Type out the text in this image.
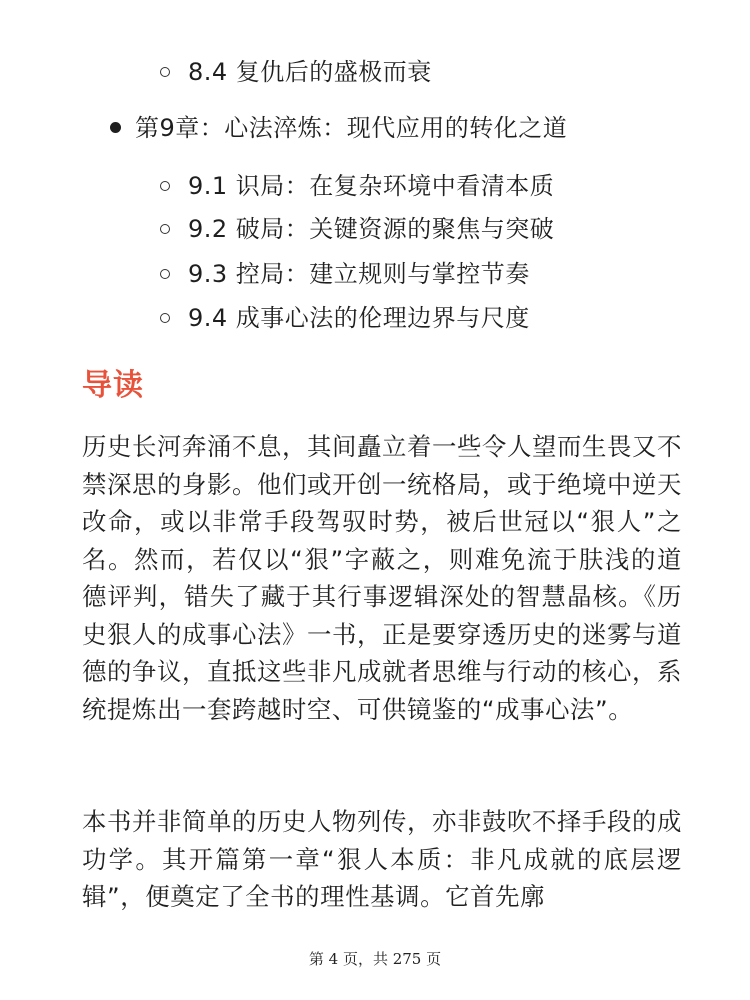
8.4 复仇后的盛极而衰
第9章：心法淬炼：现代应用的转化之道
9.1 识局：在复杂环境中看清本质
9.2 破局：关键资源的聚焦与突破
9.3 控局：建立规则与掌控节奏
9.4 成事心法的伦理边界与尺度
导读

历史长河奔涌不息，其间矗立着一些令人望而生畏又不禁深思的身影。他们或开创一统格局，或于绝境中逆天改命，或以非常手段驾驭时势，被后世冠以“狠人”之名。然而，若仅以“狠”字蔽之，则难免流于肤浅的道德评判，错失了藏于其行事逻辑深处的智慧晶核。《历史狠人的成事心法》一书，正是要穿透历史的迷雾与道德的争议，直抵这些非凡成就者思维与行动的核心，系统提炼出一套跨越时空、可供镜鉴的“成事心法”。

本书并非简单的历史人物列传，亦非鼓吹不择手段的成功学。其开篇第一章“狠人本质：非凡成就的底层逻辑”，便奠定了全书的理性基调。它首先廓

第 4 页，共 275 页
